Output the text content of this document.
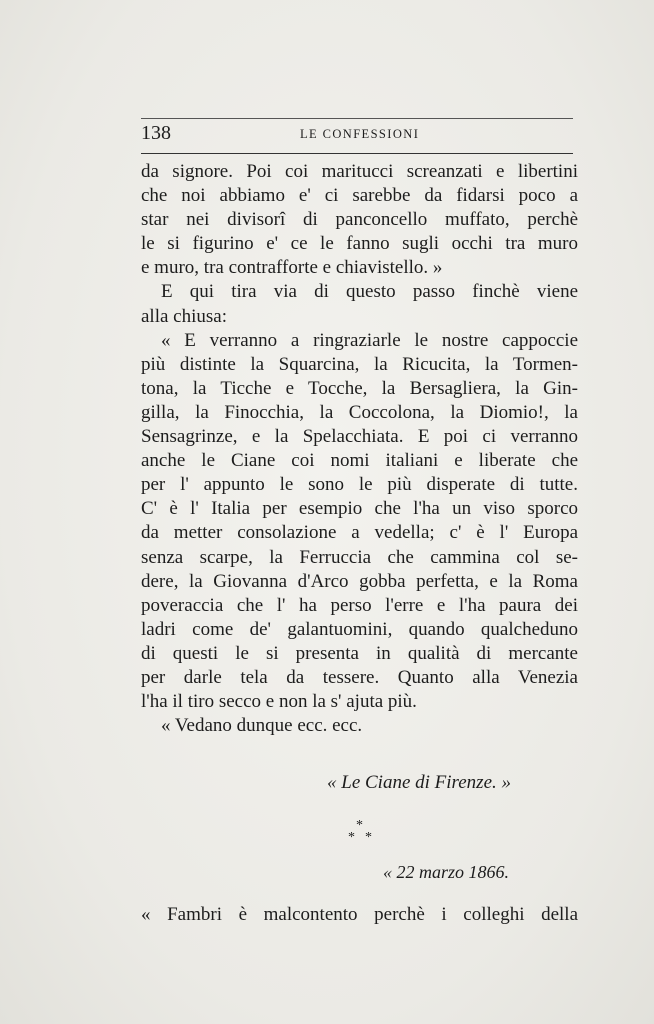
138	LE CONFESSIONI
da signore. Poi coi maritucci screanzati e libertini
che noi abbiamo e' ci sarebbe da fidarsi poco a
star nei divisorî di panconcello muffato, perchè
le si figurino e' ce le fanno sugli occhi tra muro
e muro, tra contrafforte e chiavistello. »
E qui tira via di questo passo finchè viene
alla chiusa:
« E verranno a ringraziarle le nostre cappoccie
più distinte la Squarcina, la Ricucita, la Tormen-
tona, la Ticche e Tocche, la Bersagliera, la Gin-
gilla, la Finocchia, la Coccolona, la Diomio!, la
Sensagrinze, e la Spelacchiata. E poi ci verranno
anche le Ciane coi nomi italiani e liberate che
per l' appunto le sono le più disperate di tutte.
C' è l' Italia per esempio che l'ha un viso sporco
da metter consolazione a vedella; c' è l' Europa
senza scarpe, la Ferruccia che cammina col se-
dere, la Giovanna d'Arco gobba perfetta, e la Roma
poveraccia che l' ha perso l'erre e l'ha paura dei
ladri come de' galantuomini, quando qualcheduno
di questi le si presenta in qualità di mercante
per darle tela da tessere. Quanto alla Venezia
l'ha il tiro secco e non la s' ajuta più.
« Vedano dunque ecc. ecc.
« Le Ciane di Firenze. »
*
* *
« 22 marzo 1866.
« Fambri è malcontento perchè i colleghi della
